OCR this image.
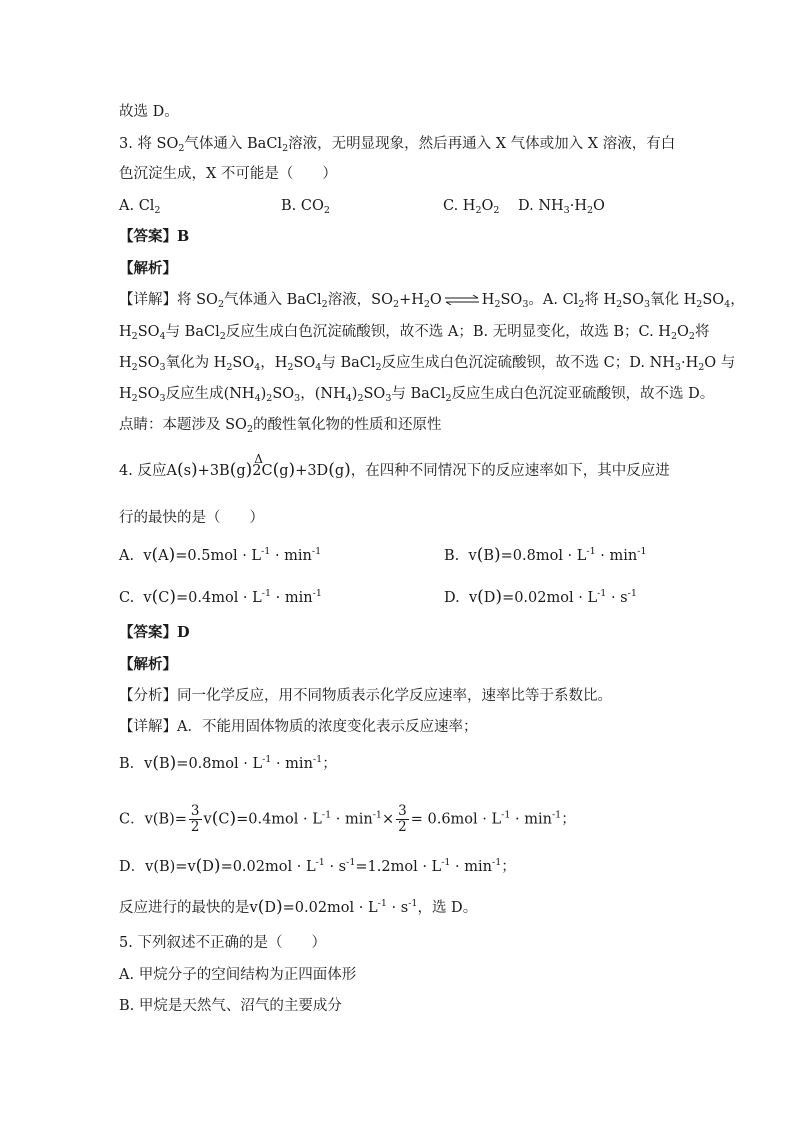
故选 D。
3. 将 $SO_2$气体通入 BaCl$_2$溶液，无明显现象，然后再通入 X 气体或加入 X 溶液，有白
色沉淀生成，X 不可能是（　　）
A. $Cl_2$	B. $CO_2$	C. $H_2O_2$ D. $NH_3\cdot H_2O$
【答案】B
【解析】
【详解】将 $SO_2$气体通入 BaCl$_2$溶液，$SO_2+H_2O$ ⇌ $H_2SO_3$。A. $Cl_2$将 $H_2SO_3$氧化 $H_2SO_4$，
$H_2SO_4$与 BaCl$_2$反应生成白色沉淀硫酸钡，故不选 A；B. 无明显变化，故选 B；C. $H_2O_2$将
$H_2SO_3$氧化为 $H_2SO_4$，$H_2SO_4$与 BaCl$_2$反应生成白色沉淀硫酸钡，故不选 C；D. $NH_3\cdot H_2O$ 与
$H_2SO_3$反应生成$(NH_4)_2SO_3$，$(NH_4)_2SO_3$与 BaCl$_2$反应生成白色沉淀亚硫酸钡，故不选 D。
点睛：本题涉及 $SO_2$的酸性氧化物的性质和还原性
4. 反应A(s)+3B(g)
Δ
2C(g)+3D(g)，在四种不同情况下的反应速率如下，其中反应进
行的最快的是（　　）
A. $v(A)=0.5mol \cdot L^{-1} \cdot \min^{-1}$	B. $v(B)=0.8mol \cdot L^{-1} \cdot \min^{-1}$
C. $v(C)=0.4mol \cdot L^{-1} \cdot \min^{-1}$	D. $v(D)=0.02mol \cdot L^{-1} \cdot s^{-1}$
【答案】D
【解析】
【分析】同一化学反应，用不同物质表示化学反应速率，速率比等于系数比。
【详解】A．不能用固体物质的浓度变化表示反应速率；
B．$v(B)=0.8mol \cdot L^{-1} \cdot \min^{-1}$；
C．$v(B)= \frac{3}{2} v(C)=0.4mol \cdot L^{-1} \cdot \min^{-1}\times \frac{3}{2} = 0.6mol \cdot L^{-1} \cdot \min^{-1}$；
D．$v(B)=v(D)=0.02mol \cdot L^{-1} \cdot s^{-1}=1.2mol \cdot L^{-1} \cdot \min^{-1}$；
反应进行的最快的是$v(D)=0.02mol \cdot L^{-1} \cdot s^{-1}$，选 D。
5. 下列叙述不正确的是（　　）
A. 甲烷分子的空间结构为正四面体形
B. 甲烷是天然气、沼气的主要成分
